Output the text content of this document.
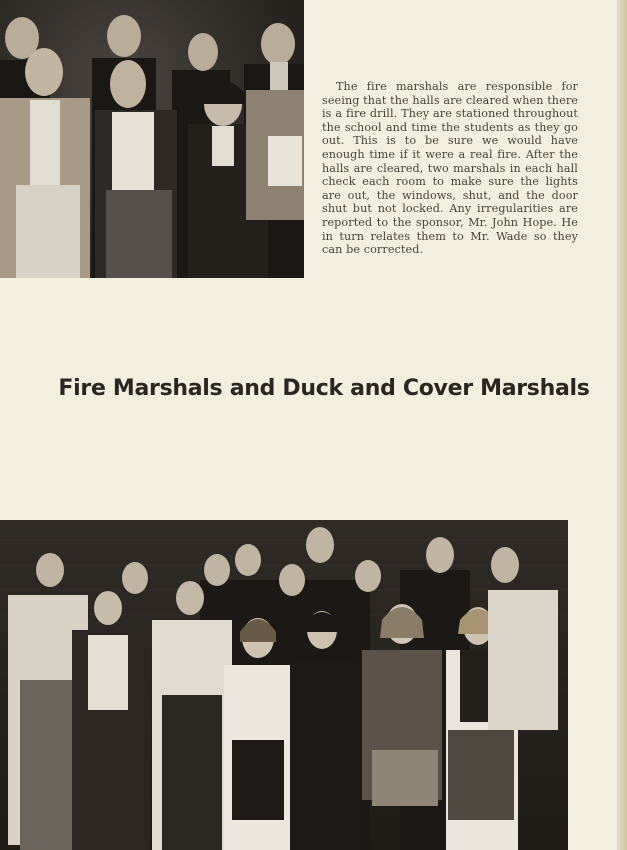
The fire marshals are responsible for seeing that the halls are cleared when there is a fire drill. They are stationed throughout the school and time the students as they go out. This is to be sure we would have enough time if it were a real fire. After the halls are cleared, two marshals in each hall check each room to make sure the lights are out, the windows, shut, and the door shut but not locked. Any irregularities are reported to the sponsor, Mr. John Hope. He in turn relates them to Mr. Wade so they can be corrected.

Fire Marshals and Duck and Cover Marshals
